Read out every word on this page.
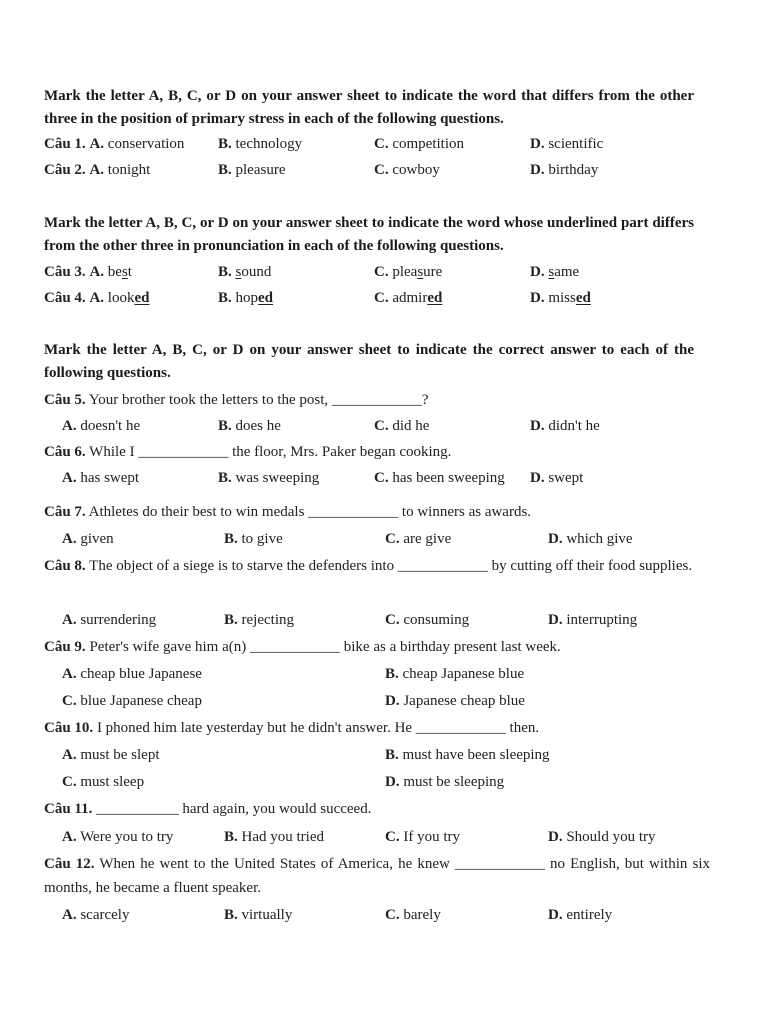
Mark the letter A, B, C, or D on your answer sheet to indicate the word that differs from the other three in the position of primary stress in each of the following questions.
Câu 1. A. conservation B. technology	C. competition	D. scientific
Câu 2. A. tonight	B. pleasure	C. cowboy	D. birthday
Mark the letter A, B, C, or D on your answer sheet to indicate the word whose underlined part differs from the other three in pronunciation in each of the following questions.
Câu 3. A. best	B. sound	C. pleasure	D. same
Câu 4. A. looked	B. hoped	C. admired	D. missed
Mark the letter A, B, C, or D on your answer sheet to indicate the correct answer to each of the following questions.
Câu 5. Your brother took the letters to the post, ____________?
A. doesn't he	B. does he	C. did he	D. didn't he
Câu 6. While I ____________ the floor, Mrs. Paker began cooking.
A. has swept	B. was sweeping	C. has been sweeping D. swept
Câu 7. Athletes do their best to win medals ____________ to winners as awards.
A. given	B. to give	C. are give	D. which give
Câu 8. The object of a siege is to starve the defenders into ____________ by cutting off their food supplies.
A. surrendering	B. rejecting	C. consuming	D. interrupting
Câu 9. Peter's wife gave him a(n) ____________ bike as a birthday present last week.
A. cheap blue Japanese	B. cheap Japanese blue
C. blue Japanese cheap	D. Japanese cheap blue
Câu 10. I phoned him late yesterday but he didn't answer. He ____________ then.
A. must be slept	B. must have been sleeping
C. must sleep	D. must be sleeping
Câu 11. ___________ hard again, you would succeed.
A. Were you to try	B. Had you tried	C. If you try	D. Should you try
Câu 12. When he went to the United States of America, he knew ____________ no English, but within six months, he became a fluent speaker.
A. scarcely	B. virtually	C. barely	D. entirely
